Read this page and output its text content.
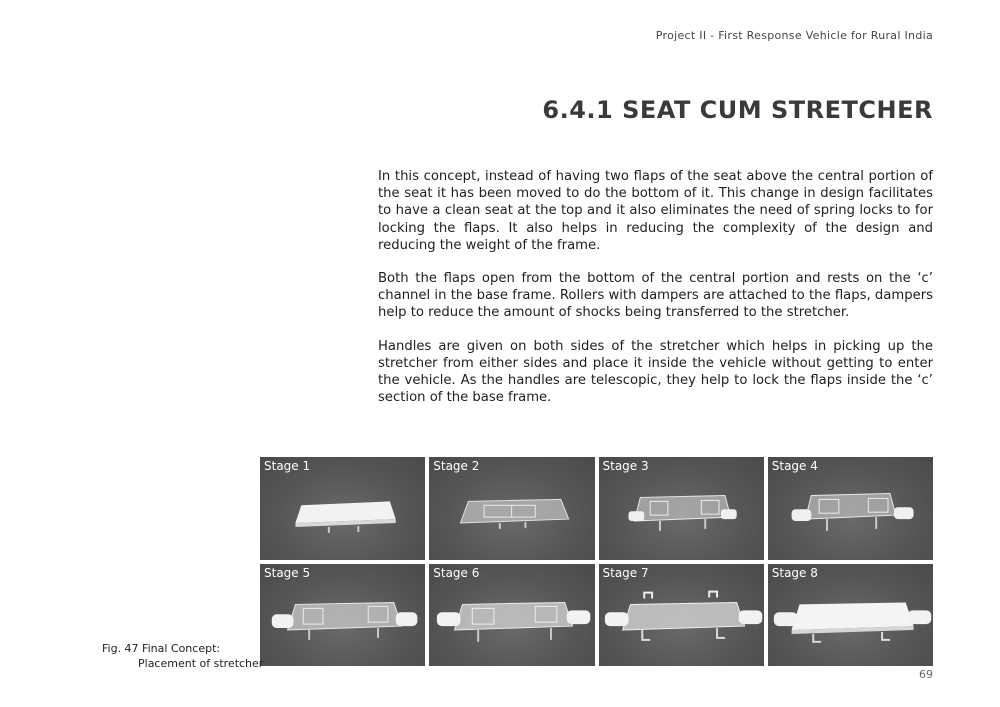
Project II - First Response Vehicle for Rural India
6.4.1 SEAT CUM STRETCHER

In this concept, instead of having two flaps of the seat above the central portion of the seat it has been moved to do the bottom of it. This change in design facilitates to have a clean seat at the top and it also eliminates the need of spring locks to for locking the flaps. It also helps in reducing the complexity of the design and reducing the weight of the frame.

Both the flaps open from the bottom of the central portion and rests on the ‘c’ channel in the base frame. Rollers with dampers are attached to the flaps, dampers help to reduce the amount of shocks being transferred to the stretcher.

Handles are given on both sides of the stretcher which helps in picking up the stretcher from either sides and place it inside the vehicle without getting to enter the vehicle. As the handles are telescopic, they help to lock the flaps inside the ‘c’ section of the base frame.

Stage 1	Stage 2	Stage 3	Stage 4
Stage 5	Stage 6	Stage 7	Stage 8
Fig. 47 Final Concept:
Placement of stretcher
69
